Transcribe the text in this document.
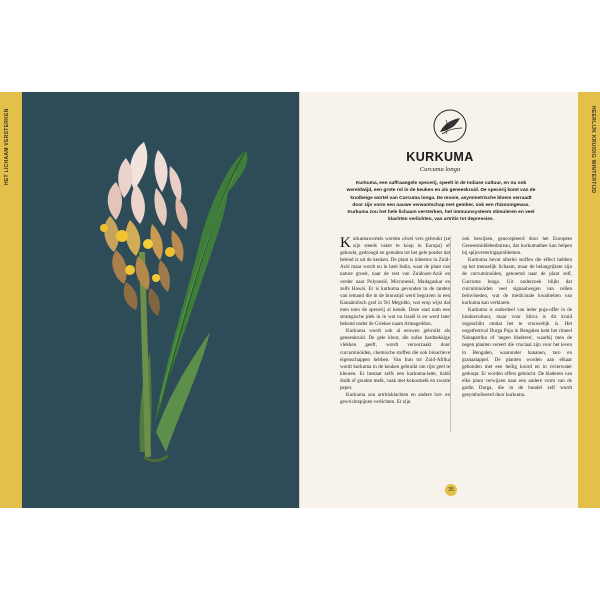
HET LICHAAM VERSTERKEN	HEERLIJK KRUIDIG WINTERTIJD
KURKUMA
Curcuma longa
Kurkuma, een saffraangele specerij, speelt in de Indiase cultuur, en nu ook wereldwijd, een grote rol in de keuken en als geneeskruid. De specerij komt van de knolbeige wortel van Curcuma longa. De mooie, asymmetrische bloem verraadt door zijn vorm een nauwe verwantschap met gember, ook een rhizoomgewas. Kurkuma zou het hele lichaam versterken, het immuunsysteem stimuleren en veel klachten verlichten, van artritis tot depressies.

Kurkumawortels worden olwel vers gebruikt (ze zijn steeds vaker te koop in Europa) of gekookt, gedroogd en gemalen tot het gele poeder dat belend is uit de keuken. De plant is inheems in Zuid-Azië maar wordt nu in heel India, waar de plant van nature groeit, naar de rest van Zuidoost-Azië en verder naar Polynesië, Micronesië, Madagaskar en zelfs Hawaï. Er is kurkuma gevonden in de tanden van iemand die in de bronstijd werd begraven in een Kanaänitisch graf in Tel Megiddo, wat erop wijst dat men toen de specerij al kende. Deze stad nam een strategische plek in in wat nu Israël is en werd later bekend onder de Griekse naam Armageddon.

Kurkuma wordt ook al eeuwen gebruikt als geneeskruid. De gele kleur, die zulke hardnekkige vlekken geeft, wordt veroorzaakt door curcuminoïden, chemische stoffen die ook bioactieve eigenschappen hebben. Van Iran tot Zuid-Afrika wordt kurkuma in de keuken gebruikt om rijst geel te kleuren. Er bestaat zelfs een kurkuma-latte, haldi dudh of gouden melk, vaak met kokosmelk en zwarte peper.

Kurkuma zou artritisklachten en andere bot- en gewrichtspijnen verlichten. Er zijn

ook bewijzen, geaccepteerd door het Europees Geneesmiddelenbureau, dat kurkumathee kan helpen bij spijsverteringsproblemen.

Kurkuma bevat allerlei stoffen die effect hebben op het menselijk lichaam, maar de belangrijkste zijn de curcuminoïden, genoemd naar de plant zelf, Curcuma longa. Uit onderzoek blijkt dat curcuminoïden veel signaalwegen van cellen beïnvloeden, wat de medicinale kwaliteiten van kurkuma kan verklaren.

Kurkuma is onderdeel van ieder puja-offer in de hindoecultuur, maar voor Shiva is dit kruid ongeschikt omdat het te vrouwelijk is. Het oogstfestival Durga Puja in Bengalen kent het ritueel Nabapatrika of 'negen bladeren', waarbij men de negen planten vereert die cruciaal zijn voor het leven in Bengalen, waaronder bananen, taro en granaatappel. De planten worden aan elkaar gebonden met een heilig koord en in rivierwater gedoopt. Er worden offers gebracht. De bladeren van elke plant verwijzen naar een andere vorm van de godin Durga, die in de bundel zelf wordt gesymboliseerd door kurkuma.

35
